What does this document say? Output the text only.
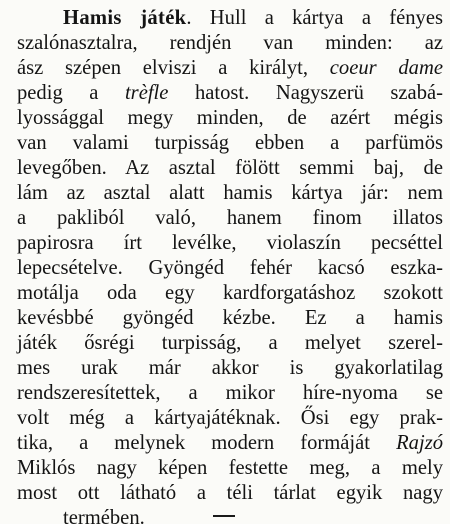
Hamis játék. Hull a kártya a fényes
szalónasztalra, rendjén van minden: az
ász szépen elviszi a királyt, coeur dame
pedig a trèfle hatost. Nagyszerü szabá-
lyossággal megy minden, de azért mégis
van valami turpisság ebben a parfümös
levegőben. Az asztal fölött semmi baj, de
lám az asztal alatt hamis kártya jár: nem
a pakliból való, hanem finom illatos
papirosra írt levélke, violaszín pecséttel
lepecsételve. Gyöngéd fehér kacsó eszka-
motálja oda egy kardforgatáshoz szokott
kevésbbé gyöngéd kézbe. Ez a hamis
játék ősrégi turpisság, a melyet szerel-
mes urak már akkor is gyakorlatilag
rendszeresítettek, a mikor híre-nyoma se
volt még a kártyajátéknak. Ősi egy prak-
tika, a melynek modern formáját Rajzó
Miklós nagy képen festette meg, a mely
most ott látható a téli tárlat egyik nagy
termében.
